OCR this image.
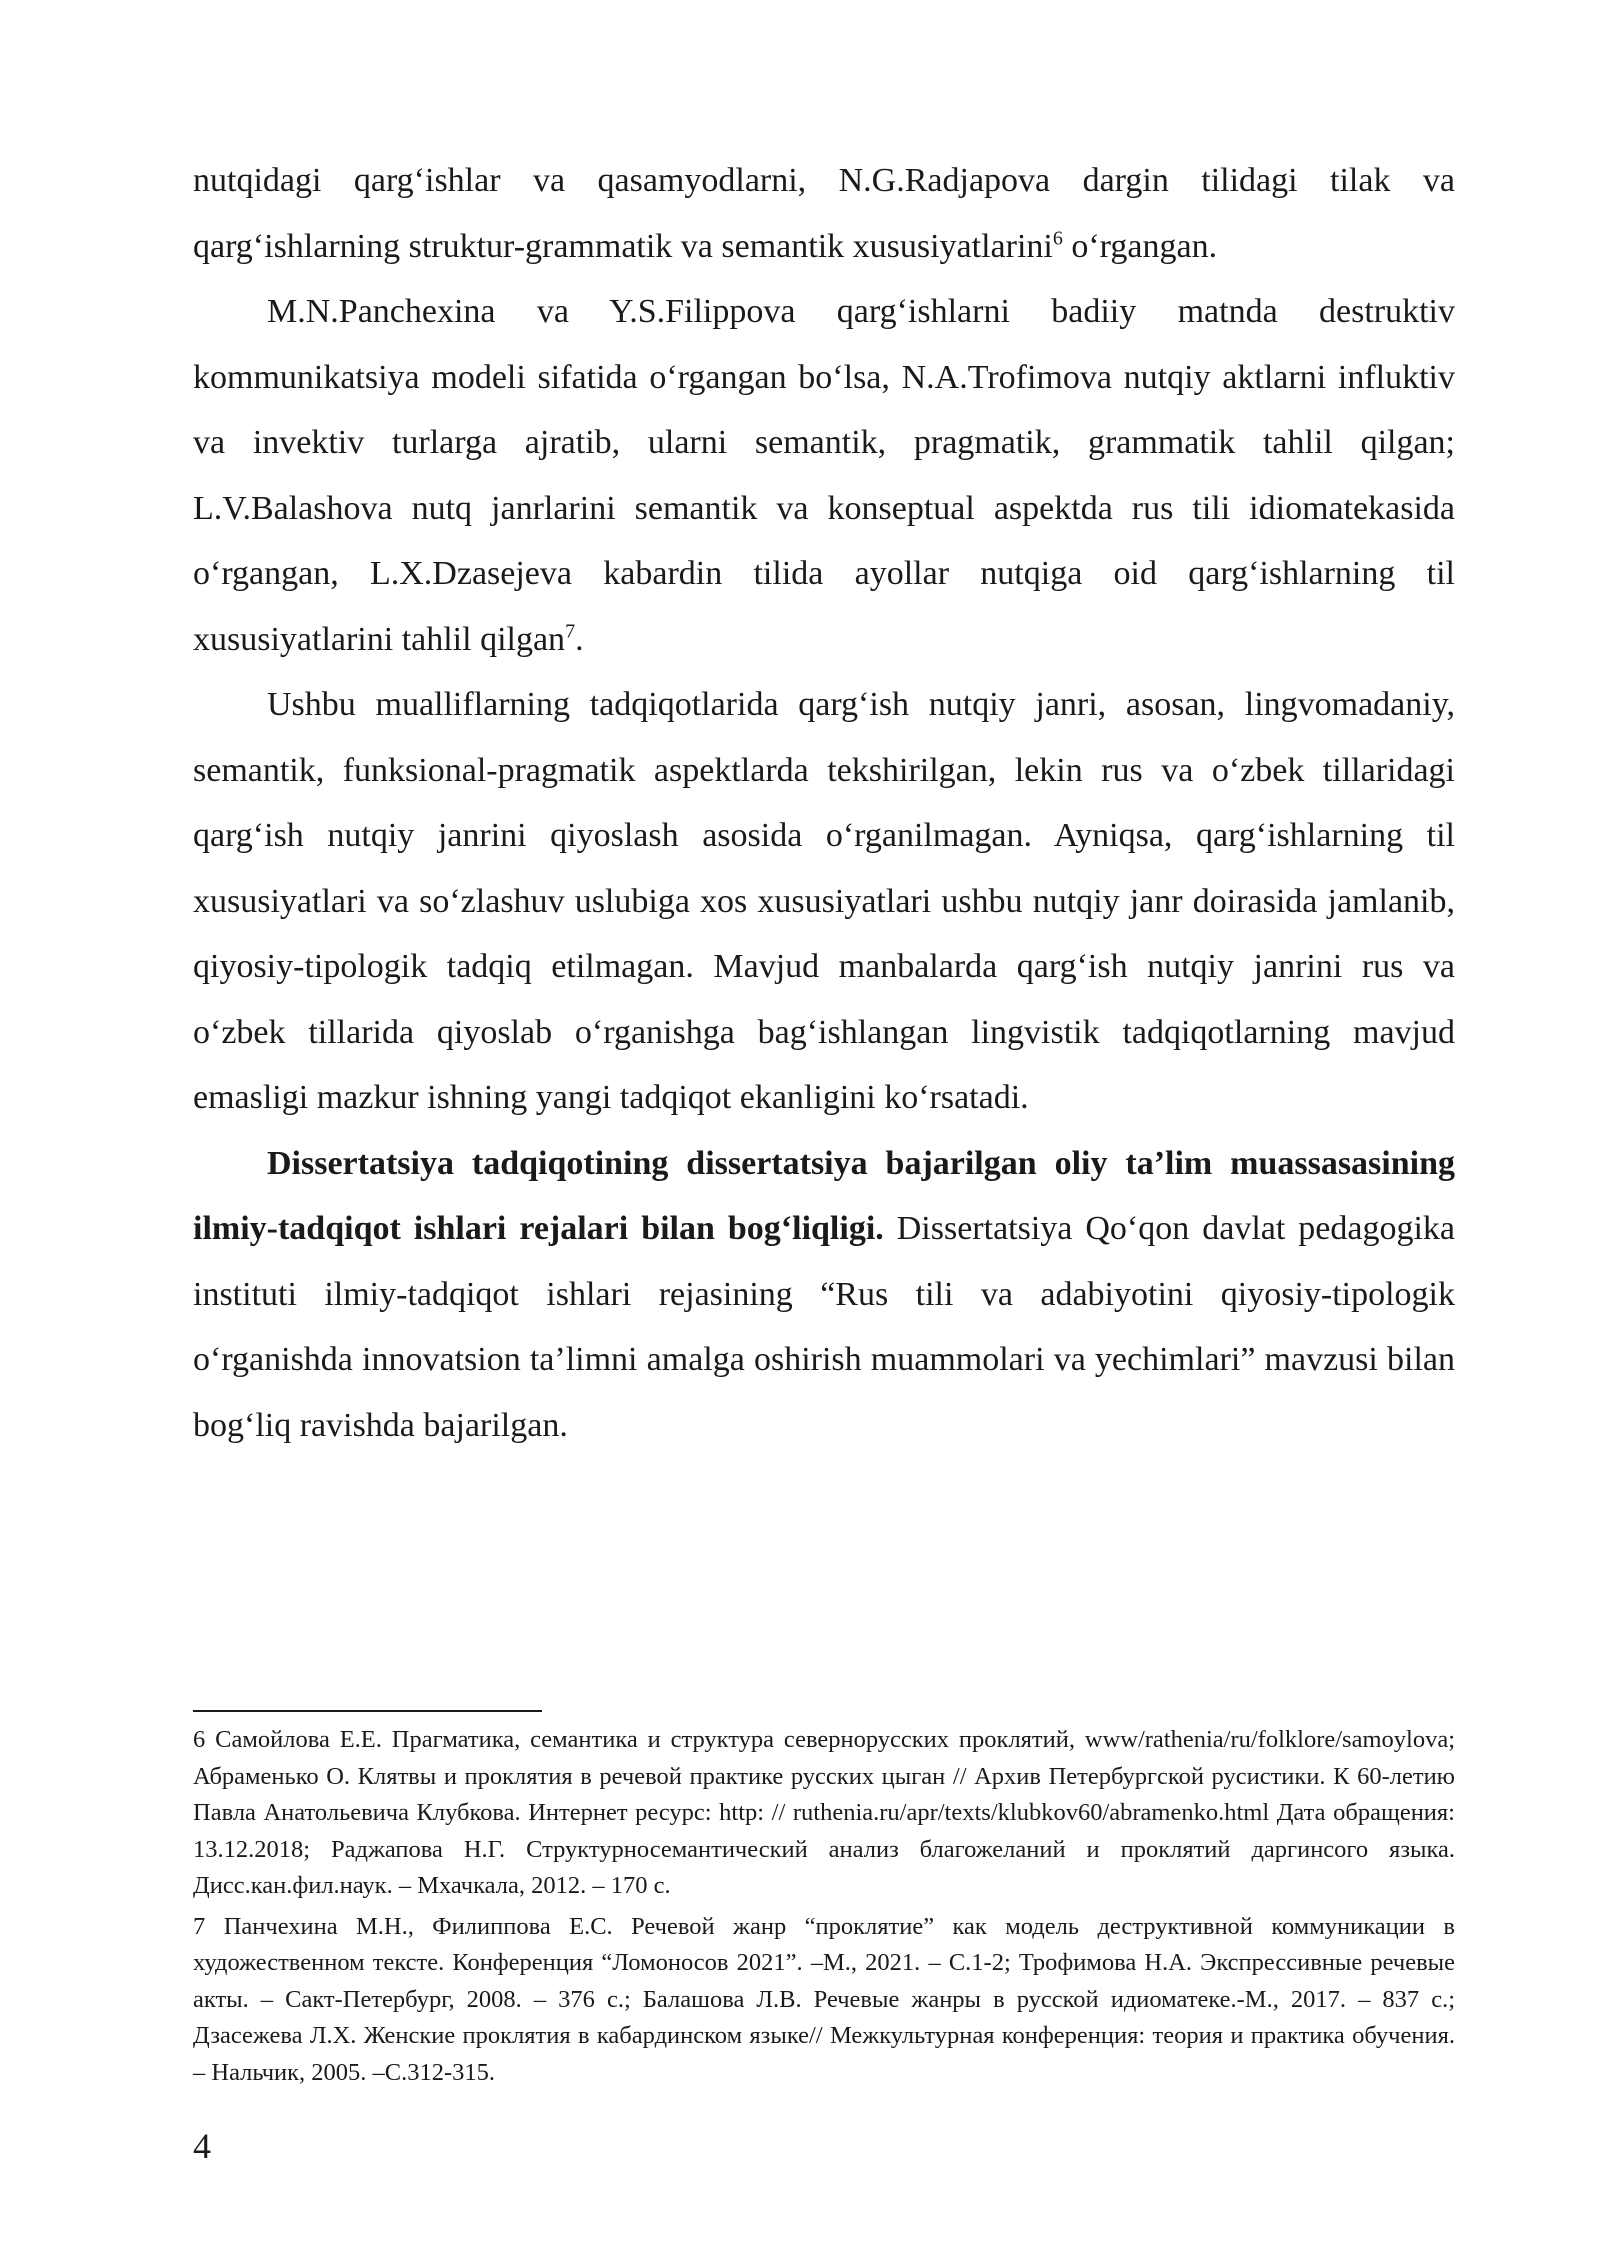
nutqidagi qarg‘ishlar va qasamyodlarni, N.G.Radjapova dargin tilidagi tilak va qarg‘ishlarning struktur-grammatik va semantik xususiyatlarini$^6$ o‘rgangan.

M.N.Panchexina va Y.S.Filippova qarg‘ishlarni badiiy matnda destruktiv kommunikatsiya modeli sifatida o‘rgangan bo‘lsa, N.A.Trofimova nutqiy aktlarni influktiv va invektiv turlarga ajratib, ularni semantik, pragmatik, grammatik tahlil qilgan; L.V.Balashova nutq janrlarini semantik va konseptual aspektda rus tili idiomatekasida o‘rgangan, L.X.Dzasejeva kabardin tilida ayollar nutqiga oid qarg‘ishlarning til xususiyatlarini tahlil qilgan$^7$.

Ushbu mualliflarning tadqiqotlarida qarg‘ish nutqiy janri, asosan, lingvomadaniy, semantik, funksional-pragmatik aspektlarda tekshirilgan, lekin rus va o‘zbek tillaridagi qarg‘ish nutqiy janrini qiyoslash asosida o‘rganilmagan. Ayniqsa, qarg‘ishlarning til xususiyatlari va so‘zlashuv uslubiga xos xususiyatlari ushbu nutqiy janr doirasida jamlanib, qiyosiy-tipologik tadqiq etilmagan. Mavjud manbalarda qarg‘ish nutqiy janrini rus va o‘zbek tillarida qiyoslab o‘rganishga bag‘ishlangan lingvistik tadqiqotlarning mavjud emasligi mazkur ishning yangi tadqiqot ekanligini ko‘rsatadi.

Dissertatsiya tadqiqotining dissertatsiya bajarilgan oliy ta’lim muassasasining ilmiy-tadqiqot ishlari rejalari bilan bog‘liqligi. Dissertatsiya Qo‘qon davlat pedagogika instituti ilmiy-tadqiqot ishlari rejasining “Rus tili va adabiyotini qiyosiy-tipologik o‘rganishda innovatsion ta’limni amalga oshirish muammolari va yechimlari” mavzusi bilan bog‘liq ravishda bajarilgan.

6 Самойлова Е.Е. Прагматика, семантика и структура севернорусских проклятий, www/rathenia/ru/folklore/samoylova; Абраменько О. Клятвы и проклятия в речевой практике русских цыган // Архив Петербургской русистики. К 60-летию Павла Анатольевича Клубкова. Интернет ресурс: http: // ruthenia.ru/apr/texts/klubkov60/abramenko.html Дата обращения: 13.12.2018; Раджапова Н.Г. Структурносемантический анализ благожеланий и проклятий даргинсого языка. Дисс.кан.фил.наук. – Мхачкала, 2012. – 170 с.

7 Панчехина М.Н., Филиппова Е.С. Речевой жанр “проклятие” как модель деструктивной коммуникации в художественном тексте. Конференция “Ломоносов 2021”. –М., 2021. – С.1-2; Трофимова Н.А. Экспрессивные речевые акты. – Сакт-Петербург, 2008. – 376 с.; Балашова Л.В. Речевые жанры в русской идиоматеке.-М., 2017. – 837 с.; Дзасежева Л.Х. Женские проклятия в кабардинском языке// Межкультурная конференция: теория и практика обучения. – Нальчик, 2005. –С.312-315.

4
